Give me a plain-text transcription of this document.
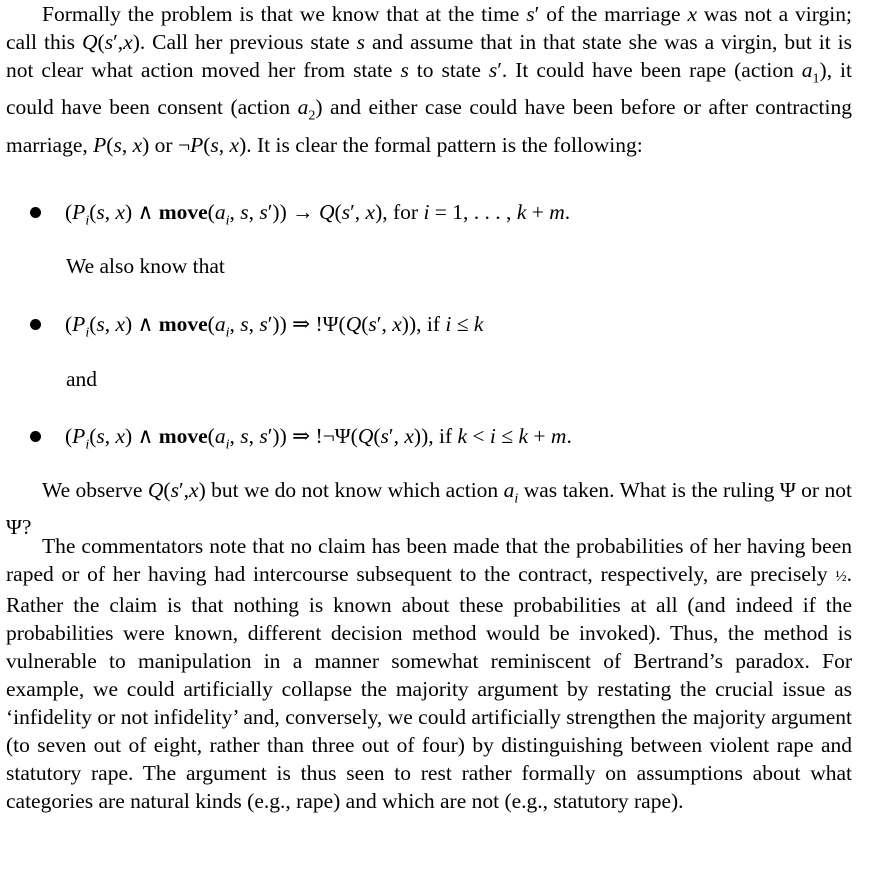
Formally the problem is that we know that at the time s′ of the marriage x was not a virgin; call this Q(s′,x). Call her previous state s and assume that in that state she was a virgin, but it is not clear what action moved her from state s to state s′. It could have been rape (action $a_1$), it could have been consent (action $a_2$) and either case could have been before or after contracting marriage, P(s, x) or ¬P(s, x). It is clear the formal pattern is the following:

($P_i(s$, x) ∧ $move(a_i$, s, s′)) → Q(s′, x), for i = 1, . . . , k + m.
We also know that
($P_i(s$, x) ∧ $move(a_i$, s, s′)) ⇒ !Ψ(Q(s′, x)), if i ≤ k
and
($P_i(s$, x) ∧ $move(a_i$, s, s′)) ⇒ !¬Ψ(Q(s′, x)), if k < i ≤ k + m.

We observe Q(s′,x) but we do not know which action $a_i$ was taken. What is the ruling Ψ or not Ψ?

The commentators note that no claim has been made that the probabilities of her having been raped or of her having had intercourse subsequent to the contract, respectively, are precisely ½. Rather the claim is that nothing is known about these probabilities at all (and indeed if the probabilities were known, different decision method would be invoked). Thus, the method is vulnerable to manipulation in a manner somewhat reminiscent of Bertrand’s paradox. For example, we could artificially collapse the majority argument by restating the crucial issue as ‘infidelity or not infidelity’ and, conversely, we could artificially strengthen the majority argument (to seven out of eight, rather than three out of four) by distinguishing between violent rape and statutory rape. The argument is thus seen to rest rather formally on assumptions about what categories are natural kinds (e.g., rape) and which are not (e.g., statutory rape).
